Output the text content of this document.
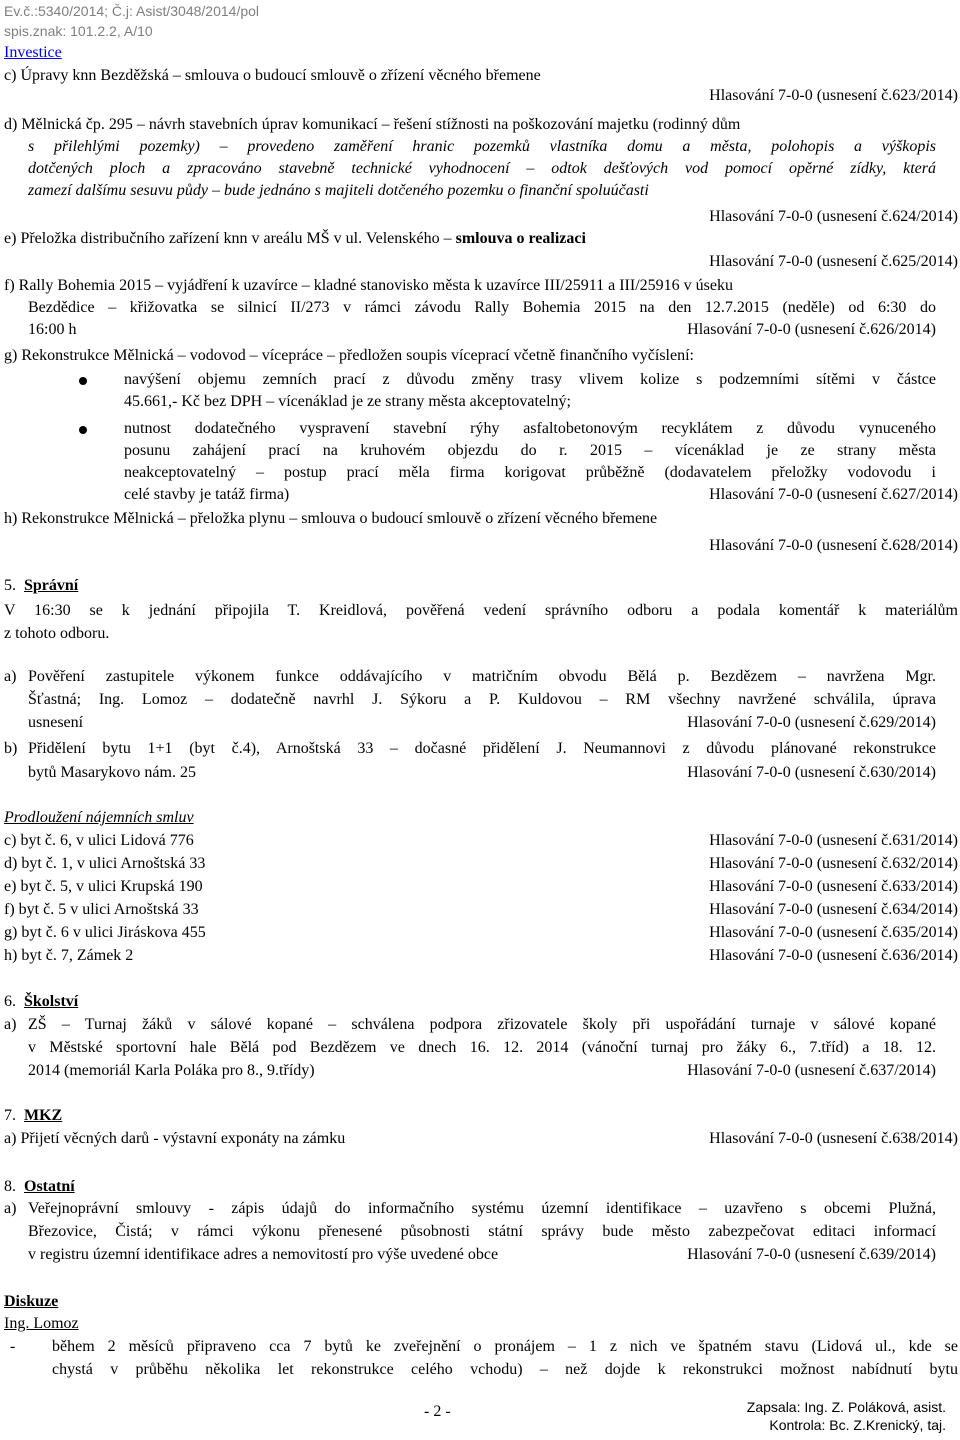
Ev.č.:5340/2014; Č.j: Asist/3048/2014/pol
spis.znak: 101.2.2, A/10
Investice
c) Úpravy knn Bezděžská – smlouva o budoucí smlouvě o zřízení věcného břemene
Hlasování 7-0-0 (usnesení č.623/2014)
d) Mělnická čp. 295 – návrh stavebních úprav komunikací – řešení stížnosti na poškozování majetku (rodinný dům
s přilehlými pozemky) – provedeno zaměření hranic pozemků vlastníka domu a města, polohopis a výškopis
dotčených ploch a zpracováno stavebně technické vyhodnocení – odtok dešťových vod pomocí opěrné zídky, která
zamezí dalšímu sesuvu půdy – bude jednáno s majiteli dotčeného pozemku o finanční spoluúčasti
Hlasování 7-0-0 (usnesení č.624/2014)
e) Přeložka distribučního zařízení knn v areálu MŠ v ul. Velenského – smlouva o realizaci
Hlasování 7-0-0 (usnesení č.625/2014)
f) Rally Bohemia 2015 – vyjádření k uzavírce – kladné stanovisko města k uzavírce III/25911 a III/25916 v úseku
Bezdědice – křižovatka se silnicí II/273 v rámci závodu Rally Bohemia 2015 na den 12.7.2015 (neděle) od 6:30 do
16:00 h	Hlasování 7-0-0 (usnesení č.626/2014)
g) Rekonstrukce Mělnická – vodovod – vícepráce – předložen soupis víceprací včetně finančního vyčíslení:
navýšení objemu zemních prací z důvodu změny trasy vlivem kolize s podzemními sítěmi v částce
45.661,- Kč bez DPH – vícenáklad je ze strany města akceptovatelný;
nutnost dodatečného vyspravení stavební rýhy asfaltobetonovým recyklátem z důvodu vynuceného
posunu zahájení prací na kruhovém objezdu do r. 2015 – vícenáklad je ze strany města
neakceptovatelný – postup prací měla firma korigovat průběžně (dodavatelem přeložky vodovodu i
celé stavby je tatáž firma)	Hlasování 7-0-0 (usnesení č.627/2014)
h) Rekonstrukce Mělnická – přeložka plynu – smlouva o budoucí smlouvě o zřízení věcného břemene
Hlasování 7-0-0 (usnesení č.628/2014)
5. Správní
V 16:30 se k jednání připojila T. Kreidlová, pověřená vedení správního odboru a podala komentář k materiálům
z tohoto odboru.
a) Pověření zastupitele výkonem funkce oddávajícího v matričním obvodu Bělá p. Bezdězem – navržena Mgr.
Šťastná; Ing. Lomoz – dodatečně navrhl J. Sýkoru a P. Kuldovou – RM všechny navržené schválila, úprava
usnesení	Hlasování 7-0-0 (usnesení č.629/2014)
b) Přidělení bytu 1+1 (byt č.4), Arnoštská 33 – dočasné přidělení J. Neumannovi z důvodu plánované rekonstrukce
bytů Masarykovo nám. 25	Hlasování 7-0-0 (usnesení č.630/2014)
Prodloužení nájemních smluv
c) byt č. 6, v ulici Lidová 776	Hlasování 7-0-0 (usnesení č.631/2014)
d) byt č. 1, v ulici Arnoštská 33	Hlasování 7-0-0 (usnesení č.632/2014)
e) byt č. 5, v ulici Krupská 190	Hlasování 7-0-0 (usnesení č.633/2014)
f) byt č. 5 v ulici Arnoštská 33	Hlasování 7-0-0 (usnesení č.634/2014)
g) byt č. 6 v ulici Jiráskova 455	Hlasování 7-0-0 (usnesení č.635/2014)
h) byt č. 7, Zámek 2	Hlasování 7-0-0 (usnesení č.636/2014)
6. Školství
a) ZŠ – Turnaj žáků v sálové kopané – schválena podpora zřizovatele školy při uspořádání turnaje v sálové kopané
v Městské sportovní hale Bělá pod Bezdězem ve dnech 16. 12. 2014 (vánoční turnaj pro žáky 6., 7.tříd) a 18. 12.
2014 (memoriál Karla Poláka pro 8., 9.třídy)	Hlasování 7-0-0 (usnesení č.637/2014)
7. MKZ
a) Přijetí věcných darů - výstavní exponáty na zámku	Hlasování 7-0-0 (usnesení č.638/2014)
8. Ostatní
a) Veřejnoprávní smlouvy - zápis údajů do informačního systému územní identifikace – uzavřeno s obcemi Plužná,
Březovice, Čistá; v rámci výkonu přenesené působnosti státní správy bude město zabezpečovat editaci informací
v registru územní identifikace adres a nemovitostí pro výše uvedené obce	Hlasování 7-0-0 (usnesení č.639/2014)
Diskuze
Ing. Lomoz
-	během 2 měsíců připraveno cca 7 bytů ke zveřejnění o pronájem – 1 z nich ve špatném stavu (Lidová ul., kde se
chystá v průběhu několika let rekonstrukce celého vchodu) – než dojde k rekonstrukci možnost nabídnutí bytu
- 2 -	Zapsala: Ing. Z. Poláková, asist.
Kontrola: Bc. Z.Krenický, taj.
